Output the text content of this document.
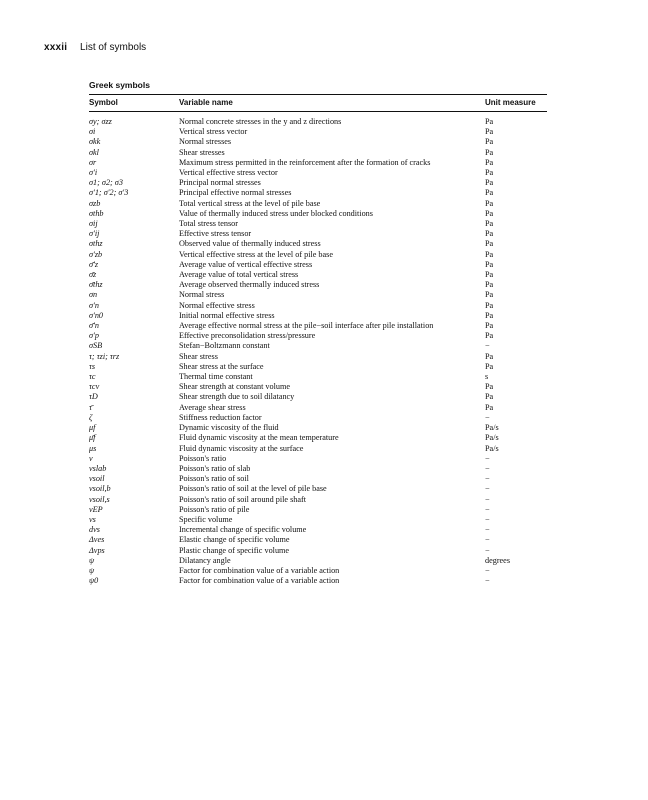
xxxii List of symbols
Greek symbols
Symbol	Variable name	Unit measure
σy; σzz	Normal concrete stresses in the y and z directions	Pa
σi	Vertical stress vector	Pa
σkk	Normal stresses	Pa
σkl	Shear stresses	Pa
σr	Maximum stress permitted in the reinforcement after the formation of cracks	Pa
σ′i	Vertical effective stress vector	Pa
σ1; σ2; σ3	Principal normal stresses	Pa
σ′1; σ′2; σ′3	Principal effective normal stresses	Pa
σzb	Total vertical stress at the level of pile base	Pa
σthb	Value of thermally induced stress under blocked conditions	Pa
σij	Total stress tensor	Pa
σ′ij	Effective stress tensor	Pa
σthz	Observed value of thermally induced stress	Pa
σ′zb	Vertical effective stress at the level of pile base	Pa
σ̄′z	Average value of vertical effective stress	Pa
σ̄z	Average value of total vertical stress	Pa
σ̄thz	Average observed thermally induced stress	Pa
σn	Normal stress	Pa
σ′n	Normal effective stress	Pa
σ′n0	Initial normal effective stress	Pa
σ̄′n	Average effective normal stress at the pile−soil interface after pile installation	Pa
σ′p	Effective preconsolidation stress/pressure	Pa
σSB	Stefan−Boltzmann constant	−
τ; τzi; τrz	Shear stress	Pa
τs	Shear stress at the surface	Pa
τc	Thermal time constant	s
τcv	Shear strength at constant volume	Pa
τD	Shear strength due to soil dilatancy	Pa
τ̄	Average shear stress	Pa
ζ	Stiffness reduction factor	−
μf	Dynamic viscosity of the fluid	Pa/s
μ̄f	Fluid dynamic viscosity at the mean temperature	Pa/s
μs	Fluid dynamic viscosity at the surface	Pa/s
ν	Poisson's ratio	−
νslab	Poisson's ratio of slab	−
νsoil	Poisson's ratio of soil	−
νsoil,b	Poisson's ratio of soil at the level of pile base	−
νsoil,s	Poisson's ratio of soil around pile shaft	−
νEP	Poisson's ratio of pile	−
νs	Specific volume	−
dνs	Incremental change of specific volume	−
Δνes	Elastic change of specific volume	−
Δνps	Plastic change of specific volume	−
ψ	Dilatancy angle	degrees
ψ	Factor for combination value of a variable action	−
ψ0	Factor for combination value of a variable action	−
